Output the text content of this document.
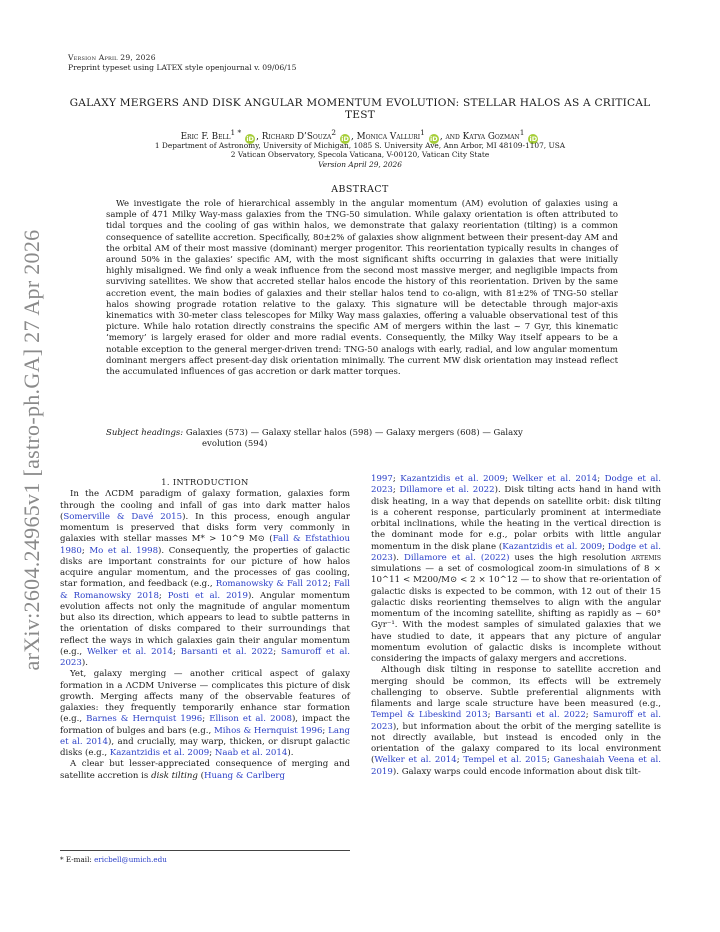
arXiv:2604.24965v1 [astro-ph.GA] 27 Apr 2026
Version April 29, 2026
Preprint typeset using LATEX style openjournal v. 09/06/15
GALAXY MERGERS AND DISK ANGULAR MOMENTUM EVOLUTION: STELLAR HALOS AS A CRITICAL TEST
Eric F. Bell$^{1 *}$iD , Richard D’Souza$^2$iD , Monica Valluri$^1$iD , and Katya Gozman$^1$iD
1 Department of Astronomy, University of Michigan, 1085 S. University Ave, Ann Arbor, MI 48109-1107, USA
2 Vatican Observatory, Specola Vaticana, V-00120, Vatican City State
Version April 29, 2026
ABSTRACT
We investigate the role of hierarchical assembly in the angular momentum (AM) evolution of galaxies using a sample of 471 Milky Way-mass galaxies from the TNG-50 simulation. While galaxy orientation is often attributed to tidal torques and the cooling of gas within halos, we demonstrate that galaxy reorientation (tilting) is a common consequence of satellite accretion. Specifically, 80±2% of galaxies show alignment between their present-day AM and the orbital AM of their most massive (dominant) merger progenitor. This reorientation typically results in changes of around 50% in the galaxies’ specific AM, with the most significant shifts occurring in galaxies that were initially highly misaligned. We find only a weak influence from the second most massive merger, and negligible impacts from surviving satellites. We show that accreted stellar halos encode the history of this reorientation. Driven by the same accretion event, the main bodies of galaxies and their stellar halos tend to co-align, with 81±2% of TNG-50 stellar halos showing prograde rotation relative to the galaxy. This signature will be detectable through major-axis kinematics with 30-meter class telescopes for Milky Way mass galaxies, offering a valuable observational test of this picture. While halo rotation directly constrains the specific AM of mergers within the last ~ 7 Gyr, this kinematic ‘memory’ is largely erased for older and more radial events. Consequently, the Milky Way itself appears to be a notable exception to the general merger-driven trend: TNG-50 analogs with early, radial, and low angular momentum dominant mergers affect present-day disk orientation minimally. The current MW disk orientation may instead reflect the accumulated influences of gas accretion or dark matter torques.
Subject headings: Galaxies (573) — Galaxy stellar halos (598) — Galaxy mergers (608) — Galaxy
evolution (594)
1. INTRODUCTION

In the ΛCDM paradigm of galaxy formation, galaxies form through the cooling and infall of gas into dark matter halos (Somerville & Davé 2015). In this process, enough angular momentum is preserved that disks form very commonly in galaxies with stellar masses M* > 10^9 M⊙ (Fall & Efstathiou 1980; Mo et al. 1998). Consequently, the properties of galactic disks are important constraints for our picture of how halos acquire angular momentum, and the processes of gas cooling, star formation, and feedback (e.g., Romanowsky & Fall 2012; Fall & Romanowsky 2018; Posti et al. 2019). Angular momentum evolution affects not only the magnitude of angular momentum but also its direction, which appears to lead to subtle patterns in the orientation of disks compared to their surroundings that reflect the ways in which galaxies gain their angular momentum (e.g., Welker et al. 2014; Barsanti et al. 2022; Samuroff et al. 2023).

Yet, galaxy merging — another critical aspect of galaxy formation in a ΛCDM Universe — complicates this picture of disk growth. Merging affects many of the observable features of galaxies: they frequently temporarily enhance star formation (e.g., Barnes & Hernquist 1996; Ellison et al. 2008), impact the formation of bulges and bars (e.g., Mihos & Hernquist 1996; Lang et al. 2014), and crucially, may warp, thicken, or disrupt galactic disks (e.g., Kazantzidis et al. 2009; Naab et al. 2014).

A clear but lesser-appreciated consequence of merging and satellite accretion is disk tilting (Huang & Carlberg

1997; Kazantzidis et al. 2009; Welker et al. 2014; Dodge et al. 2023; Dillamore et al. 2022). Disk tilting acts hand in hand with disk heating, in a way that depends on satellite orbit: disk tilting is a coherent response, particularly prominent at intermediate orbital inclinations, while the heating in the vertical direction is the dominant mode for e.g., polar orbits with little angular momentum in the disk plane (Kazantzidis et al. 2009; Dodge et al. 2023). Dillamore et al. (2022) uses the high resolution artemis simulations — a set of cosmological zoom-in simulations of 8 × 10^11 < M200/M⊙ < 2 × 10^12 — to show that re-orientation of galactic disks is expected to be common, with 12 out of their 15 galactic disks reorienting themselves to align with the angular momentum of the incoming satellite, shifting as rapidly as ~ 60° Gyr⁻¹. With the modest samples of simulated galaxies that we have studied to date, it appears that any picture of angular momentum evolution of galactic disks is incomplete without considering the impacts of galaxy mergers and accretions.

Although disk tilting in response to satellite accretion and merging should be common, its effects will be extremely challenging to observe. Subtle preferential alignments with filaments and large scale structure have been measured (e.g., Tempel & Libeskind 2013; Barsanti et al. 2022; Samuroff et al. 2023), but information about the orbit of the merging satellite is not directly available, but instead is encoded only in the orientation of the galaxy compared to its local environment (Welker et al. 2014; Tempel et al. 2015; Ganeshaiah Veena et al. 2019). Galaxy warps could encode information about disk tilt-

* E-mail: ericbell@umich.edu
